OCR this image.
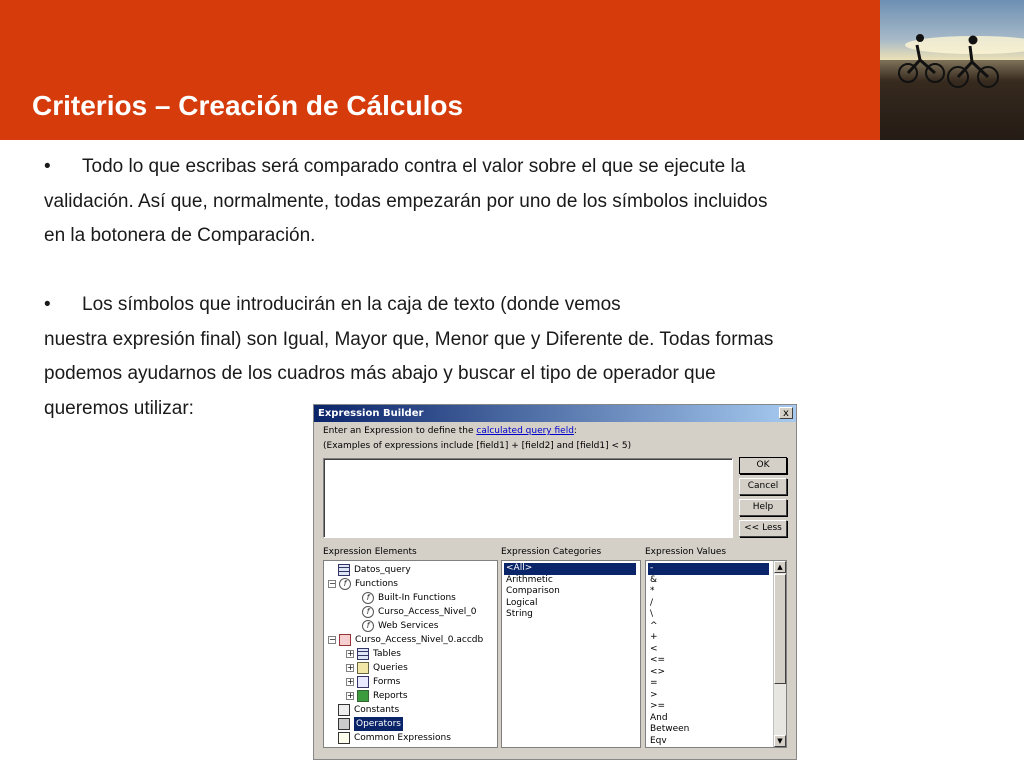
Criterios – Creación de Cálculos

•	Todo lo que escribas será comparado contra el valor sobre el que se ejecute la

validación. Así que, normalmente, todas empezarán por uno de los símbolos incluidos

en la botonera de Comparación.

•	Los símbolos que introducirán en la caja de texto (donde vemos

nuestra expresión final) son Igual, Mayor que, Menor que y Diferente de. Todas formas

podemos ayudarnos de los cuadros más abajo y buscar el tipo de operador que

queremos utilizar:	Expression Builder	x
Enter an Expression to define the calculated query field:
(Examples of expressions include [field1] + [field2] and [field1] < 5)
OK
Cancel
Help
<< Less
Expression Elements	Expression Categories	Expression Values
Datos_query
− f Functions
f Built-In Functions
f Curso_Access_Nivel_0
f Web Services
− Curso_Access_Nivel_0.accdb
+ Tables
+ Queries
+ Forms
+ Reports
Constants
Operators
Common Expressions
<All>
Arithmetic
Comparison
Logical
String
-
&
*
/
\
^
+
<
<=
<>
=
>
>=
And
Between
Eqv
▲
▼
